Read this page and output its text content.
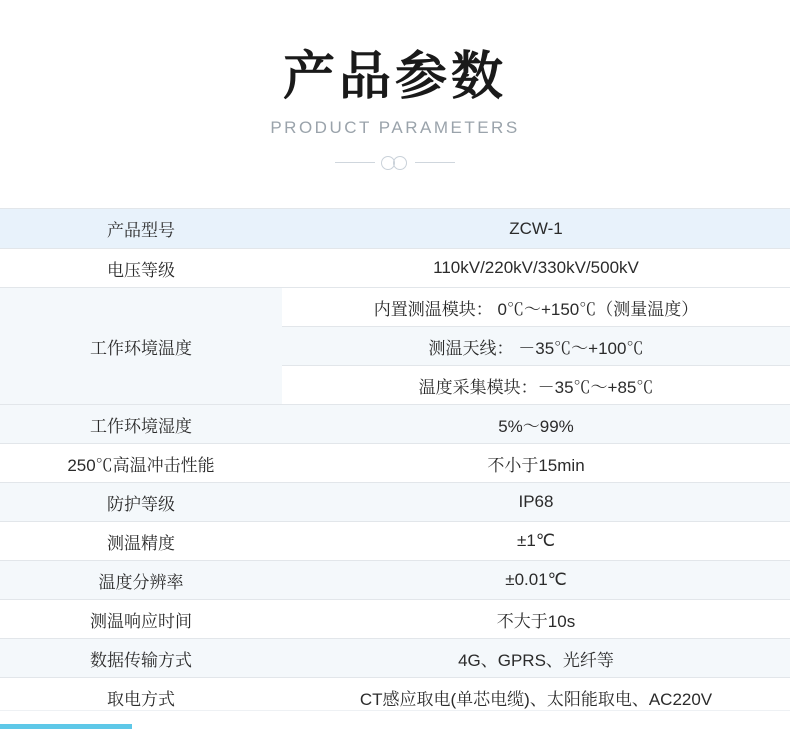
产品参数
PRODUCT PARAMETERS
产品型号	ZCW-1
电压等级	110kV/220kV/330kV/500kV
工作环境温度	内置测温模块： 0℃～+150℃（测量温度）
	测温天线： －35℃～+100℃
	温度采集模块：－35℃～+85℃
工作环境湿度	5%～99%
250℃高温冲击性能	不小于15min
防护等级	IP68
测温精度	±1℃
温度分辨率	±0.01℃
测温响应时间	不大于10s
数据传输方式	4G、GPRS、光纤等
取电方式	CT感应取电(单芯电缆)、太阳能取电、AC220V
